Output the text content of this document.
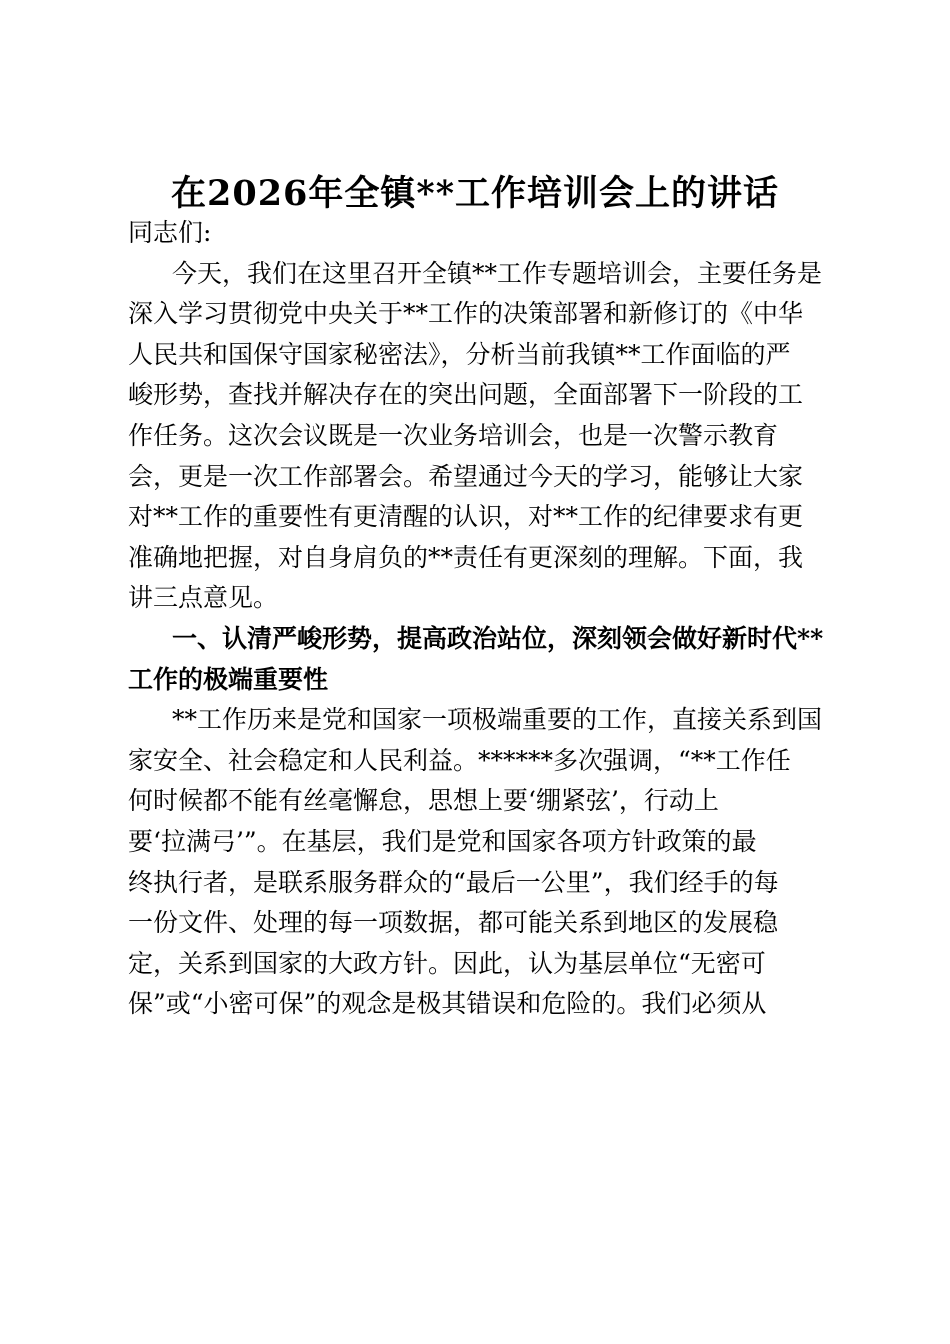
在2026年全镇**工作培训会上的讲话
同志们:
今天，我们在这里召开全镇**工作专题培训会，主要任务是
深入学习贯彻党中央关于**工作的决策部署和新修订的《中华
人民共和国保守国家秘密法》，分析当前我镇**工作面临的严
峻形势，查找并解决存在的突出问题，全面部署下一阶段的工
作任务。这次会议既是一次业务培训会，也是一次警示教育
会，更是一次工作部署会。希望通过今天的学习，能够让大家
对**工作的重要性有更清醒的认识，对**工作的纪律要求有更
准确地把握，对自身肩负的**责任有更深刻的理解。下面，我
讲三点意见。
一、认清严峻形势，提高政治站位，深刻领会做好新时代**
工作的极端重要性
**工作历来是党和国家一项极端重要的工作，直接关系到国
家安全、社会稳定和人民利益。******多次强调，“**工作任
何时候都不能有丝毫懈怠，思想上要‘绷紧弦’，行动上
要‘拉满弓’”。在基层，我们是党和国家各项方针政策的最
终执行者，是联系服务群众的“最后一公里”，我们经手的每
一份文件、处理的每一项数据，都可能关系到地区的发展稳
定，关系到国家的大政方针。因此，认为基层单位“无密可
保”或“小密可保”的观念是极其错误和危险的。我们必须从
